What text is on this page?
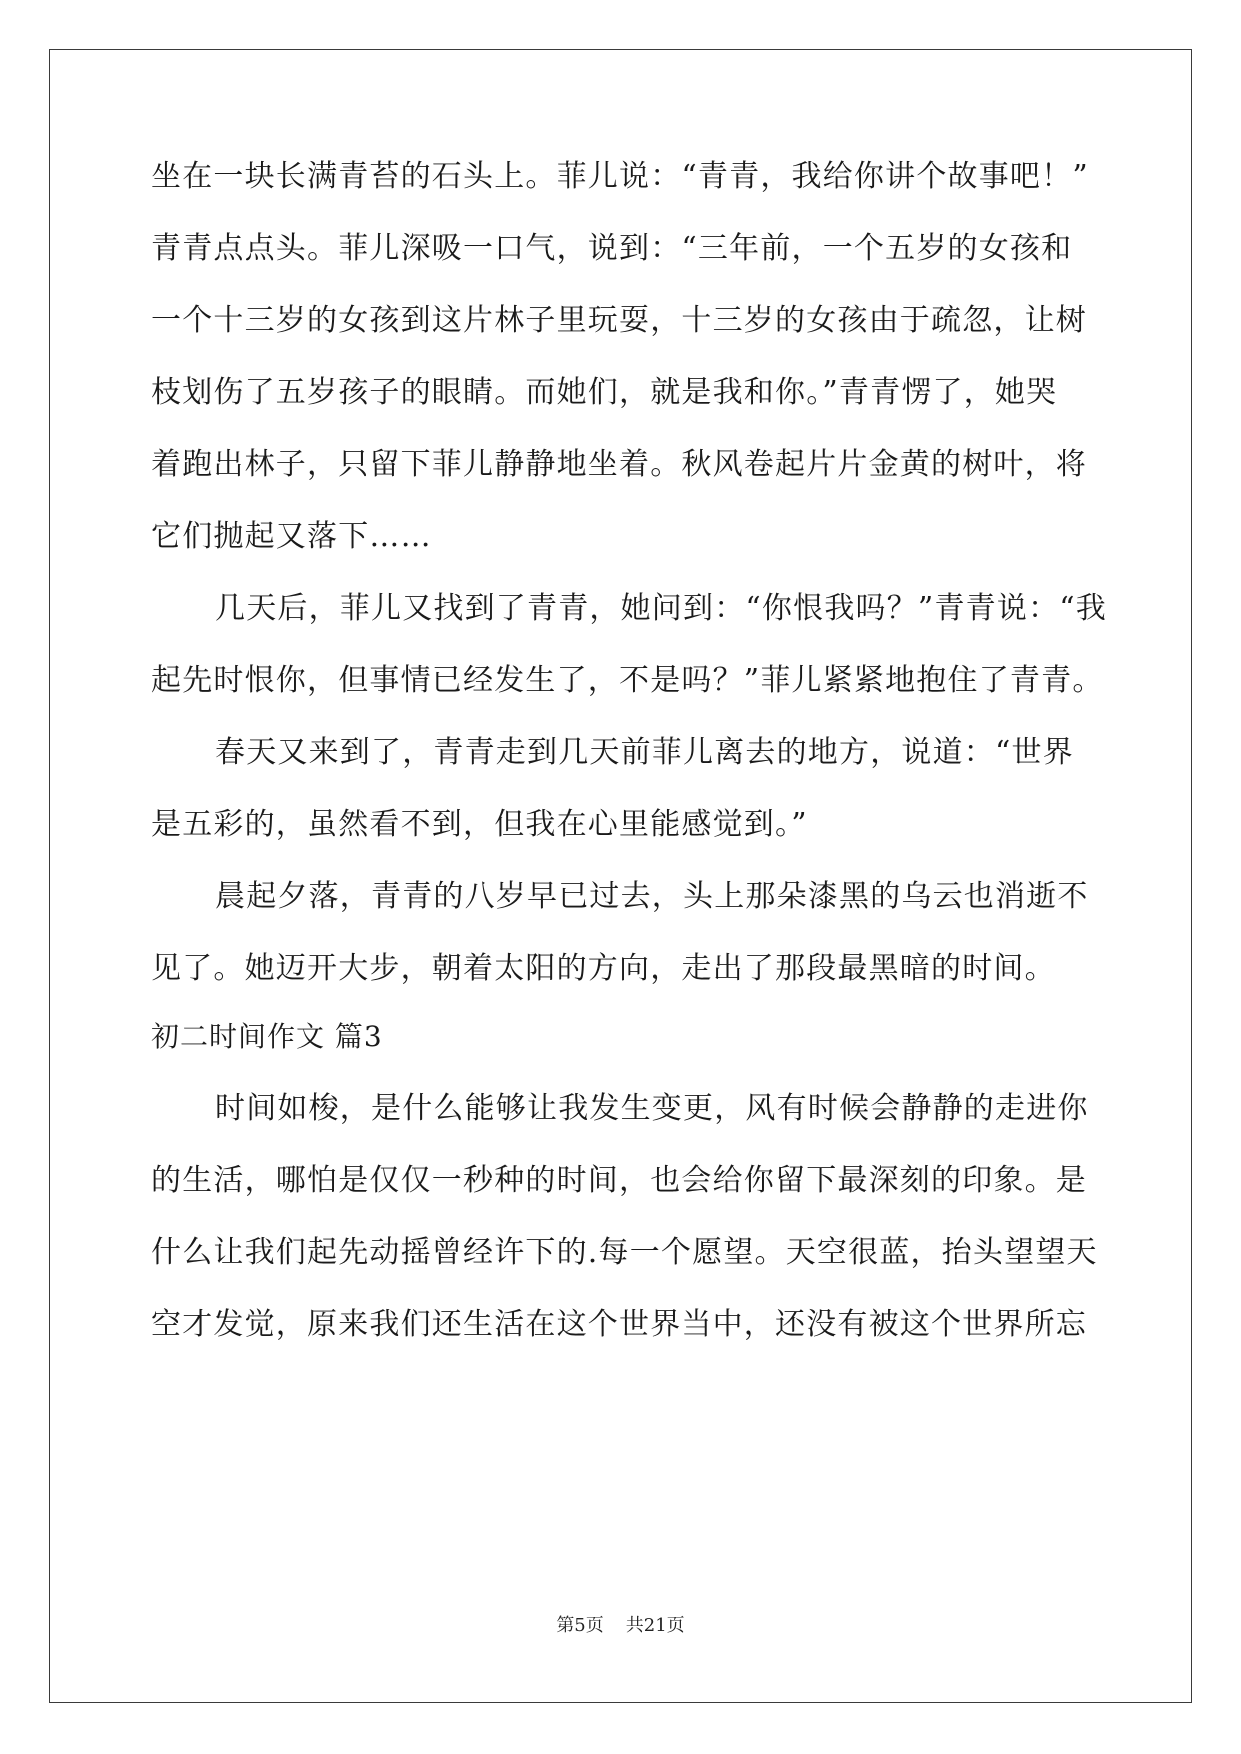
坐在一块长满青苔的石头上。菲儿说：“青青，我给你讲个故事吧！”
青青点点头。菲儿深吸一口气，说到：“三年前，一个五岁的女孩和
一个十三岁的女孩到这片林子里玩耍，十三岁的女孩由于疏忽，让树
枝划伤了五岁孩子的眼睛。而她们，就是我和你。”青青愣了，她哭
着跑出林子，只留下菲儿静静地坐着。秋风卷起片片金黄的树叶，将
它们抛起又落下……
几天后，菲儿又找到了青青，她问到：“你恨我吗？”青青说：“我
起先时恨你，但事情已经发生了，不是吗？”菲儿紧紧地抱住了青青。
春天又来到了，青青走到几天前菲儿离去的地方，说道：“世界
是五彩的，虽然看不到，但我在心里能感觉到。”
晨起夕落，青青的八岁早已过去，头上那朵漆黑的乌云也消逝不
见了。她迈开大步，朝着太阳的方向，走出了那段最黑暗的时间。
初二时间作文 篇3
时间如梭，是什么能够让我发生变更，风有时候会静静的走进你
的生活，哪怕是仅仅一秒种的时间，也会给你留下最深刻的印象。是
什么让我们起先动摇曾经许下的.每一个愿望。天空很蓝，抬头望望天
空才发觉，原来我们还生活在这个世界当中，还没有被这个世界所忘
第5页 共21页
